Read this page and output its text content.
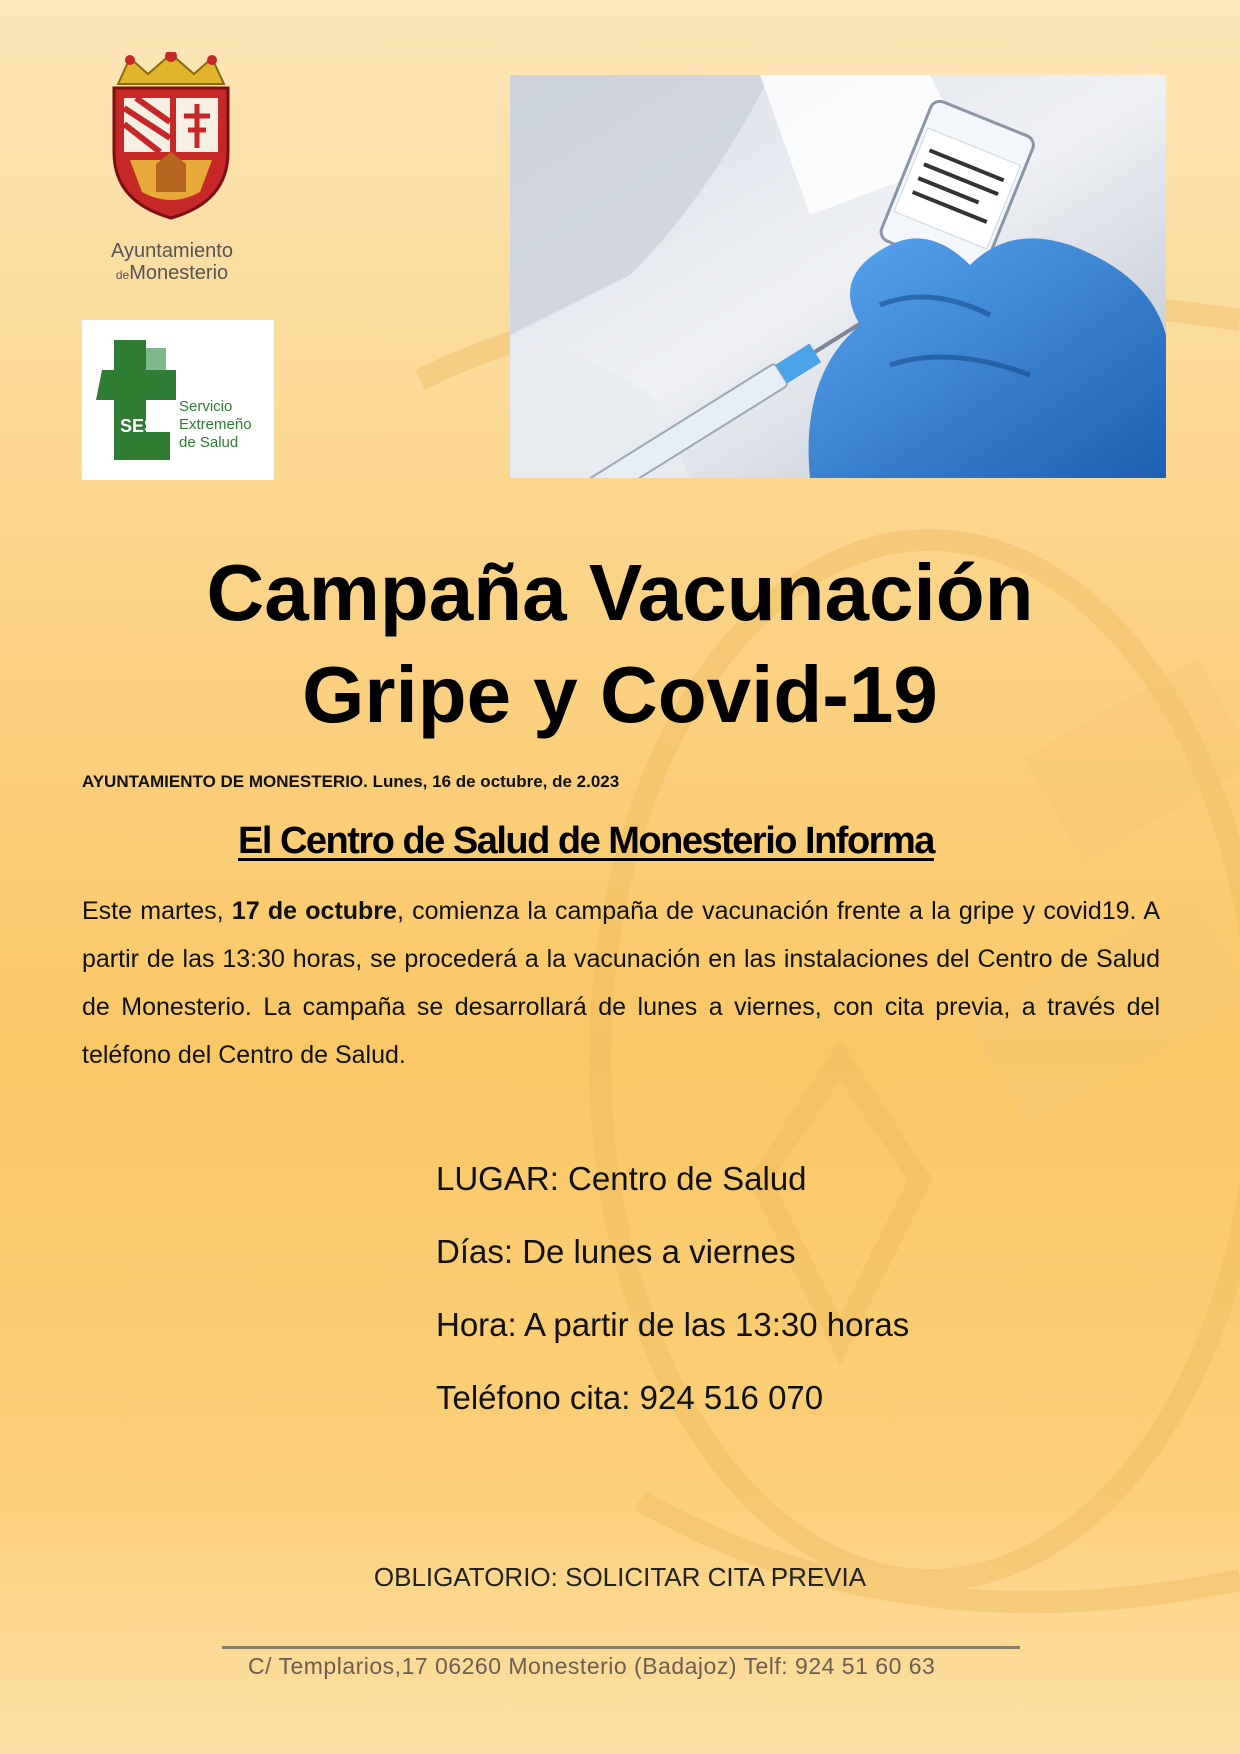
Ayuntamiento
deMonesterio
SES
Servicio
Extremeño
de Salud
Campaña Vacunación
Gripe y Covid-19
AYUNTAMIENTO DE MONESTERIO. Lunes, 16 de octubre, de 2.023
El Centro de Salud de Monesterio Informa
Este martes, 17 de octubre, comienza la campaña de vacunación frente a la gripe y covid19. A partir de las 13:30 horas, se procederá a la vacunación en las instalaciones del Centro de Salud de Monesterio. La campaña se desarrollará de lunes a viernes, con cita previa, a través del teléfono del Centro de Salud.
LUGAR: Centro de Salud
Días: De lunes a viernes
Hora: A partir de las 13:30 horas
Teléfono cita: 924 516 070
OBLIGATORIO: SOLICITAR CITA PREVIA
C/ Templarios,17 06260 Monesterio (Badajoz) Telf: 924 51 60 63
